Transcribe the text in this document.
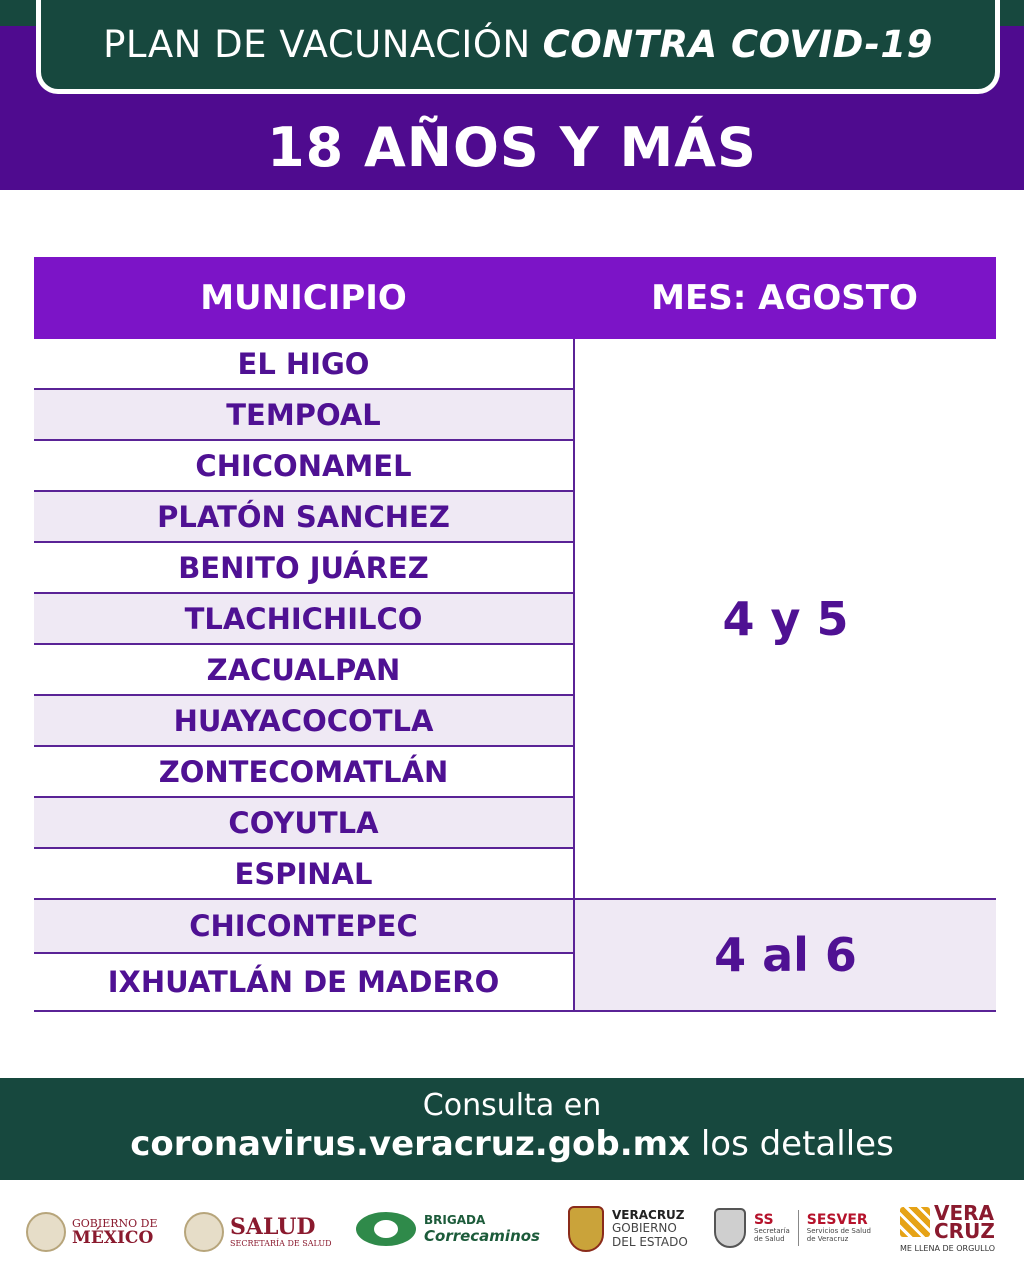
PLAN DE VACUNACIÓN CONTRA COVID-19
18 AÑOS Y MÁS
MUNICIPIO	MES: AGOSTO
EL HIGO
TEMPOAL
CHICONAMEL
PLATÓN SANCHEZ
BENITO JUÁREZ
TLACHICHILCO
ZACUALPAN
HUAYACOCOTLA
ZONTECOMATLÁN
COYUTLA
ESPINAL
CHICONTEPEC
IXHUATLÁN DE MADERO
4 y 5
4 al 6
Consulta en
coronavirus.veracruz.gob.mx los detalles
GOBIERNO DE
MÉXICO	SALUD
SECRETARÍA DE SALUD
BRIGADA
Correcaminos
VERACRUZ
GOBIERNO
DEL ESTADO
SS
Secretaría
de Salud
SESVER
Servicios de Salud
de Veracruz
VERA
CRUZ
ME LLENA DE ORGULLO
